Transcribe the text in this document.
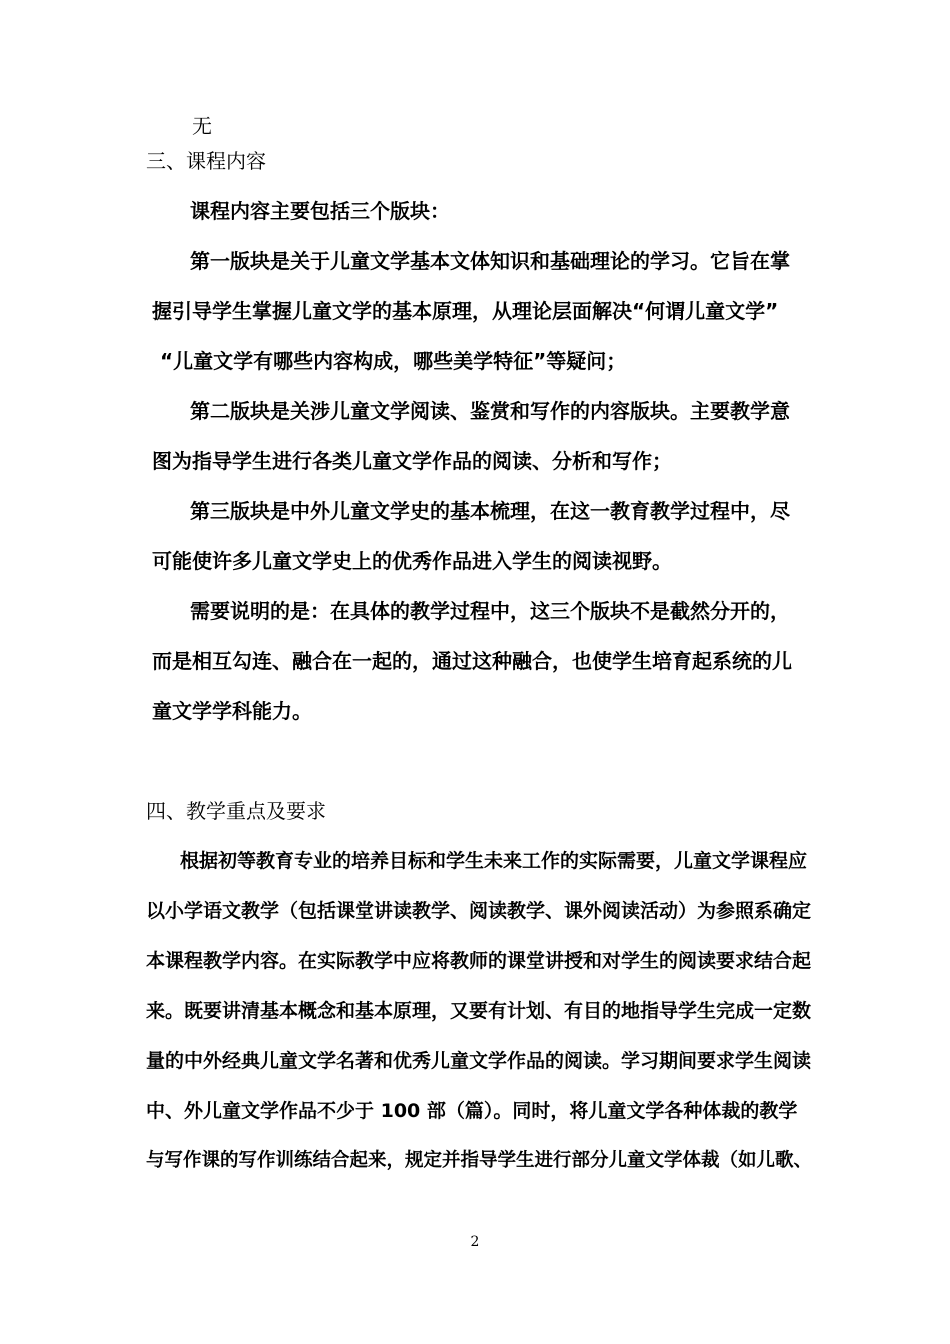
无
三、课程内容
课程内容主要包括三个版块：
第一版块是关于儿童文学基本文体知识和基础理论的学习。它旨在掌
握引导学生掌握儿童文学的基本原理，从理论层面解决“何谓儿童文学”
“儿童文学有哪些内容构成，哪些美学特征”等疑问；
第二版块是关涉儿童文学阅读、鉴赏和写作的内容版块。主要教学意
图为指导学生进行各类儿童文学作品的阅读、分析和写作；
第三版块是中外儿童文学史的基本梳理，在这一教育教学过程中，尽
可能使许多儿童文学史上的优秀作品进入学生的阅读视野。
需要说明的是：在具体的教学过程中，这三个版块不是截然分开的，
而是相互勾连、融合在一起的，通过这种融合，也使学生培育起系统的儿
童文学学科能力。
四、教学重点及要求
根据初等教育专业的培养目标和学生未来工作的实际需要，儿童文学课程应
以小学语文教学（包括课堂讲读教学、阅读教学、课外阅读活动）为参照系确定
本课程教学内容。在实际教学中应将教师的课堂讲授和对学生的阅读要求结合起
来。既要讲清基本概念和基本原理，又要有计划、有目的地指导学生完成一定数
量的中外经典儿童文学名著和优秀儿童文学作品的阅读。学习期间要求学生阅读
中、外儿童文学作品不少于 100 部（篇）。同时，将儿童文学各种体裁的教学
与写作课的写作训练结合起来，规定并指导学生进行部分儿童文学体裁（如儿歌、
2
